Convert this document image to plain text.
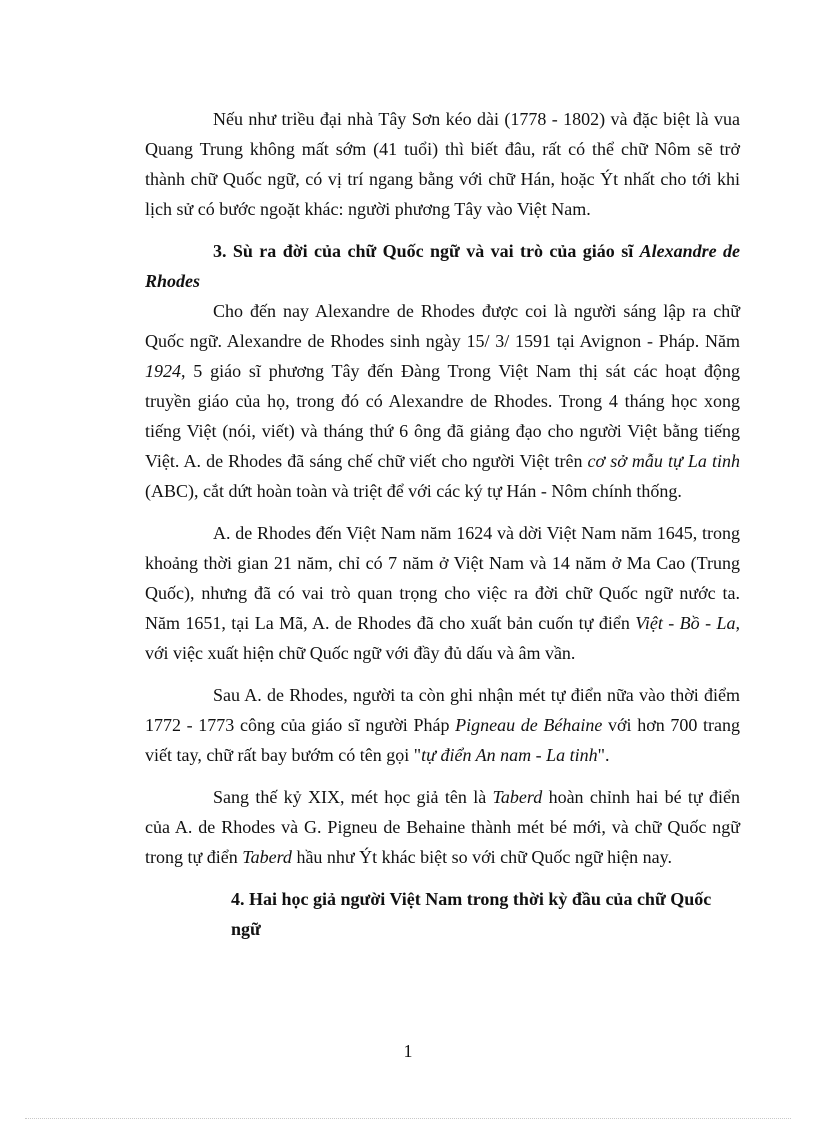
Nếu như triều đại nhà Tây Sơn kéo dài (1778 - 1802) và đặc biệt là vua Quang Trung không mất sớm (41 tuổi) thì biết đâu, rất có thể chữ Nôm sẽ trở thành chữ Quốc ngữ, có vị trí ngang bằng với chữ Hán, hoặc Ýt nhất cho tới khi lịch sử có bước ngoặt khác: người phương Tây vào Việt Nam.

3. Sù ra đời của chữ Quốc ngữ và vai trò của giáo sĩ Alexandre de Rhodes

Cho đến nay Alexandre de Rhodes được coi là người sáng lập ra chữ Quốc ngữ. Alexandre de Rhodes sinh ngày 15/ 3/ 1591 tại Avignon - Pháp. Năm 1924, 5 giáo sĩ phương Tây đến Đàng Trong Việt Nam thị sát các hoạt động truyền giáo của họ, trong đó có Alexandre de Rhodes. Trong 4 tháng học xong tiếng Việt (nói, viết) và tháng thứ 6 ông đã giảng đạo cho người Việt bằng tiếng Việt. A. de Rhodes đã sáng chế chữ viết cho người Việt trên cơ sở mẫu tự La tinh (ABC), cắt dứt hoàn toàn và triệt để với các ký tự Hán - Nôm chính thống.

A. de Rhodes đến Việt Nam năm 1624 và dời Việt Nam năm 1645, trong khoảng thời gian 21 năm, chỉ có 7 năm ở Việt Nam và 14 năm ở Ma Cao (Trung Quốc), nhưng đã có vai trò quan trọng cho việc ra đời chữ Quốc ngữ nước ta. Năm 1651, tại La Mã, A. de Rhodes đã cho xuất bản cuốn tự điển Việt - Bồ - La, với việc xuất hiện chữ Quốc ngữ với đầy đủ dấu và âm vần.

Sau A. de Rhodes, người ta còn ghi nhận mét tự điển nữa vào thời điểm 1772 - 1773 công của giáo sĩ người Pháp Pigneau de Béhaine với hơn 700 trang viết tay, chữ rất bay bướm có tên gọi "tự điển An nam - La tinh".

Sang thế kỷ XIX, mét học giả tên là Taberd hoàn chỉnh hai bé tự điển của A. de Rhodes và G. Pigneu de Behaine thành mét bé mới, và chữ Quốc ngữ trong tự điển Taberd hầu như Ýt khác biệt so với chữ Quốc ngữ hiện nay.

4. Hai học giả người Việt Nam trong thời kỳ đầu của chữ Quốc ngữ

1
